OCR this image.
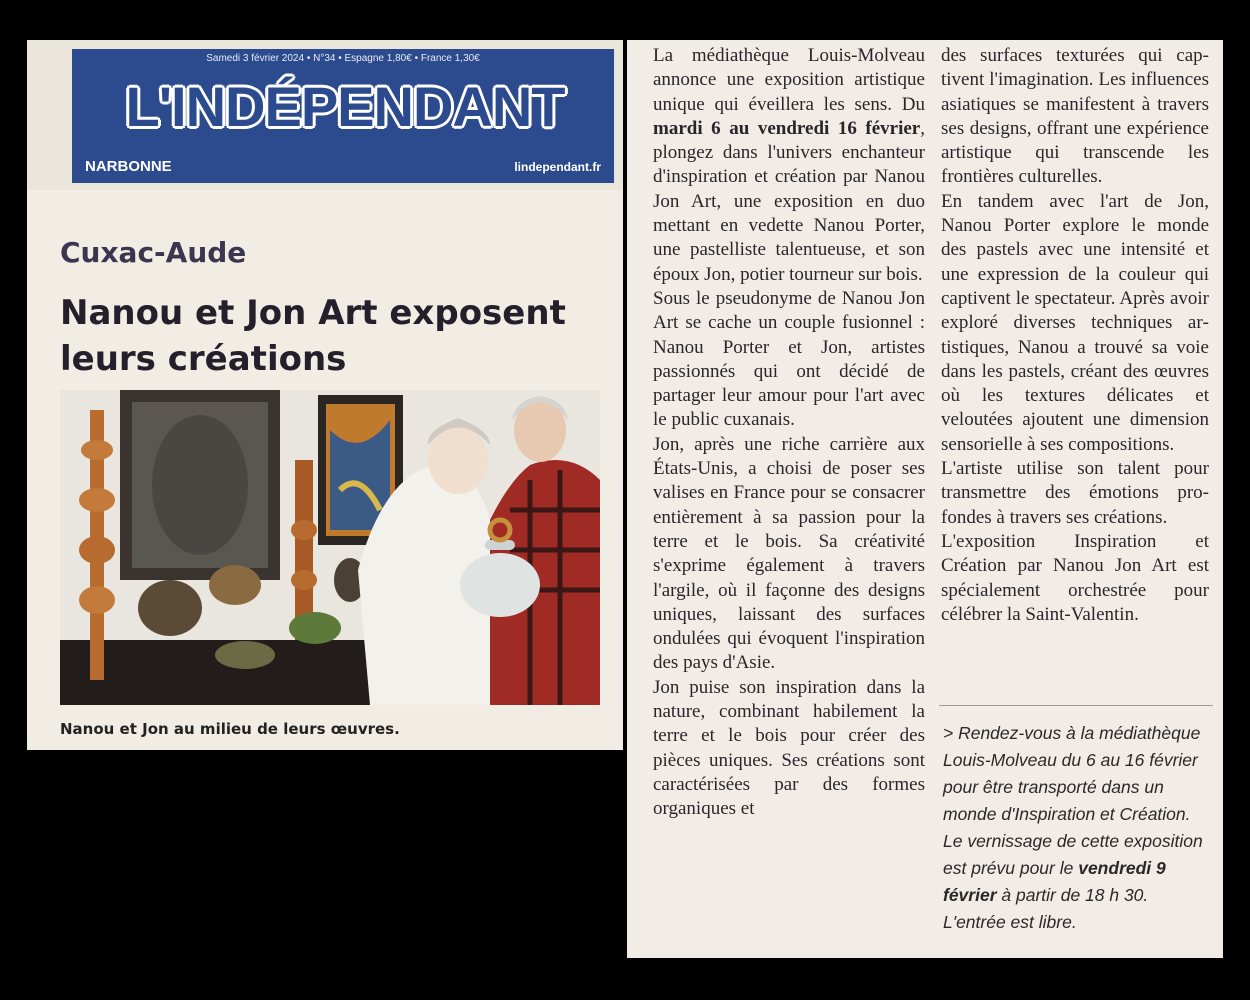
Samedi 3 février 2024 • N°34 • Espagne 1,80€ • France 1,30€
L'INDÉPENDANT
NARBONNE	lindependant.fr
Cuxac-Aude
Nanou et Jon Art exposent leurs créations
Nanou et Jon au milieu de leurs œuvres.

La médiathèque Louis-Molveau annonce une exposition artistique unique qui éveillera les sens. Du mardi 6 au vendredi 16 février, plongez dans l'univers enchanteur d'inspiration et création par Nanou Jon Art, une exposition en duo mettant en vedette Nanou Porter, une pastelliste talentueuse, et son époux Jon, potier tourneur sur bois.

Sous le pseudonyme de Nanou Jon Art se cache un couple fusionnel : Nanou Porter et Jon, artistes passionnés qui ont décidé de partager leur amour pour l'art avec le public cuxanais.

Jon, après une riche carrière aux États-Unis, a choisi de poser ses valises en France pour se consacrer entièrement à sa passion pour la terre et le bois. Sa créativité s'exprime également à travers l'argile, où il façonne des designs uniques, laissant des surfaces ondulées qui évoquent l'inspiration des pays d'Asie.

Jon puise son inspiration dans la nature, combinant habilement la terre et le bois pour créer des pièces uniques. Ses créations sont caractérisées par des formes organiques et

des surfaces texturées qui captivent l'imagination. Les influences asiatiques se manifestent à travers ses designs, offrant une expérience artistique qui transcende les frontières culturelles.

En tandem avec l'art de Jon, Nanou Porter explore le monde des pastels avec une intensité et une expression de la couleur qui captivent le spectateur. Après avoir exploré diverses techniques artistiques, Nanou a trouvé sa voie dans les pastels, créant des œuvres où les textures délicates et veloutées ajoutent une dimension sensorielle à ses compositions.

L'artiste utilise son talent pour transmettre des émotions profondes à travers ses créations.

L'exposition Inspiration et Création par Nanou Jon Art est spécialement orchestrée pour célébrer la Saint-Valentin.

> Rendez-vous à la médiathèque Louis-Molveau du 6 au 16 février pour être transporté dans un monde d'Inspiration et Création. Le vernissage de cette exposition est prévu pour le vendredi 9 février à partir de 18 h 30. L'entrée est libre.
